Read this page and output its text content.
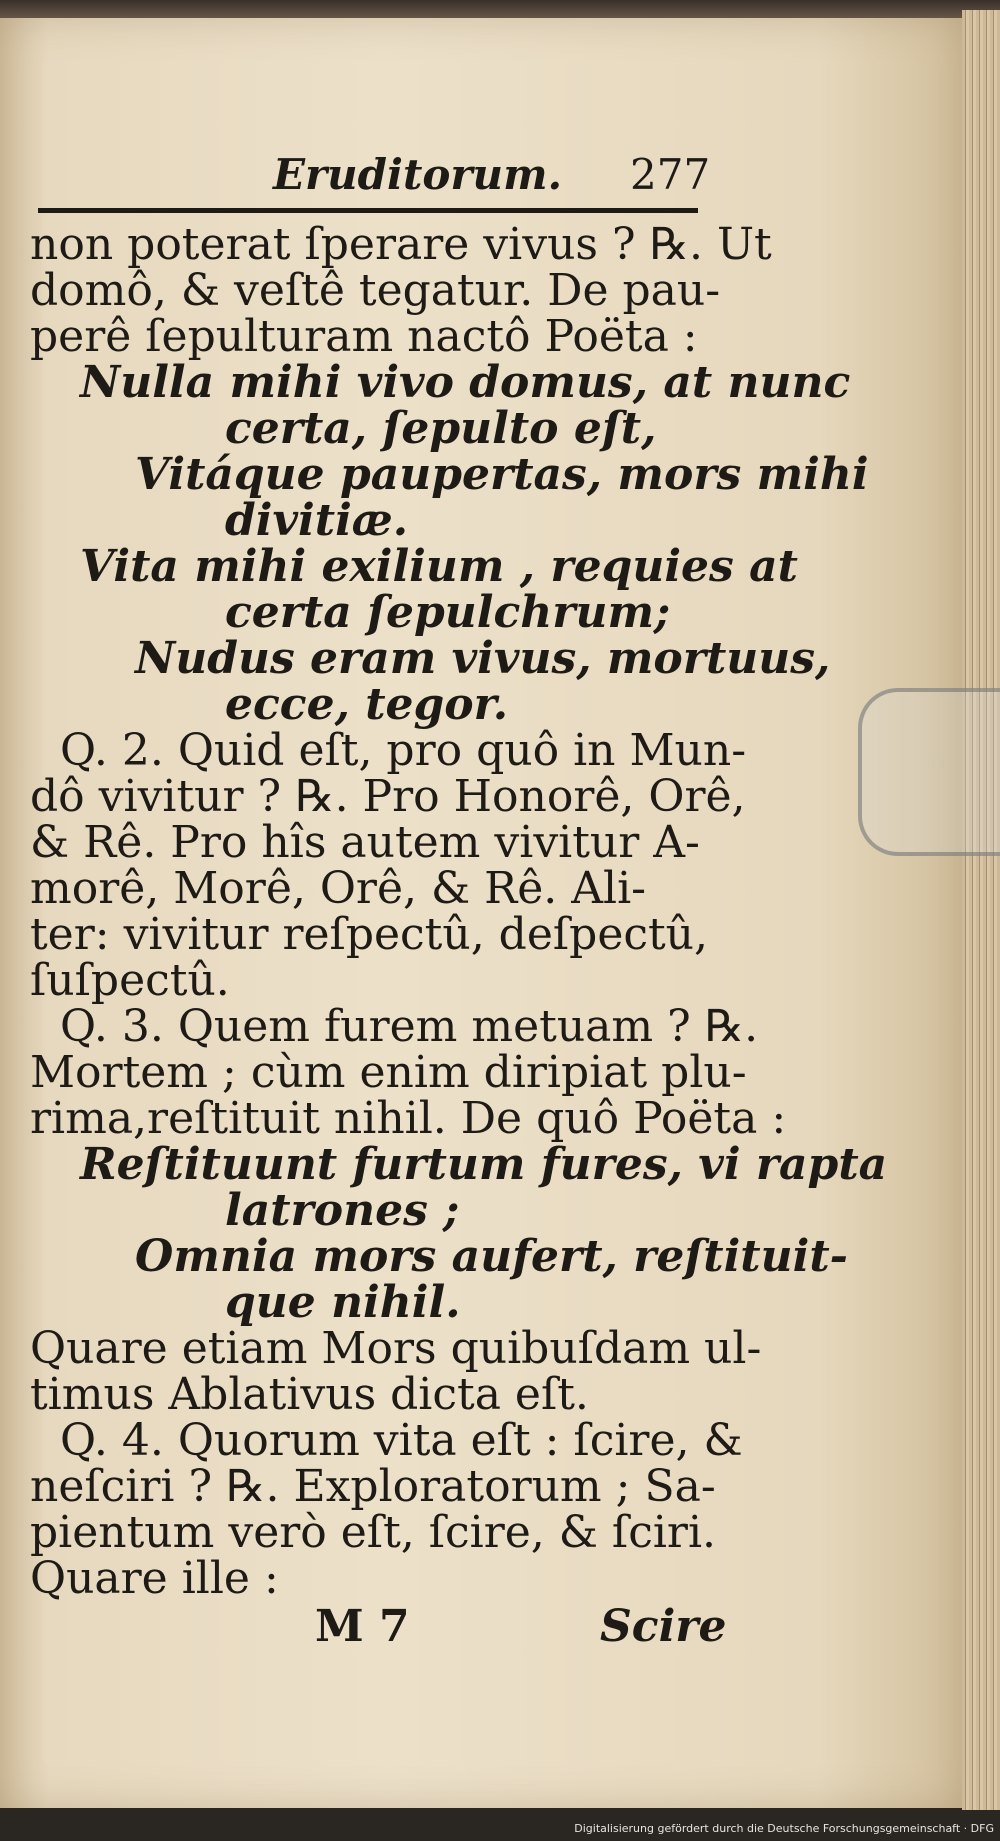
Eruditorum. 277
non poterat ſperare vivus ? ℞. Ut
domô, & veſtê tegatur. De pau-
perê ſepulturam nactô Poëta :
Nulla mihi vivo domus, at nunc
certa, ſepulto eſt,
Vitáque paupertas, mors mihi
divitiæ.
Vita mihi exilium , requies at
certa ſepulchrum;
Nudus eram vivus, mortuus,
ecce, tegor.
Q. 2. Quid eſt, pro quô in Mun-
dô vivitur ? ℞. Pro Honorê, Orê,
& Rê. Pro hîs autem vivitur A-
morê, Morê, Orê, & Rê. Ali-
ter: vivitur reſpectû, deſpectû,
ſuſpectû.
Q. 3. Quem furem metuam ? ℞.
Mortem ; cùm enim diripiat plu-
rima,reſtituit nihil. De quô Poëta :
Reſtituunt furtum fures, vi rapta
latrones ;
Omnia mors aufert, reſtituit-
que nihil.
Quare etiam Mors quibuſdam ul-
timus Ablativus dicta eſt.
Q. 4. Quorum vita eſt : ſcire, &
neſciri ? ℞. Exploratorum ; Sa-
pientum verò eſt, ſcire, & ſciri.
Quare ille :
M 7	Scire
Digitalisierung gefördert durch die Deutsche Forschungsgemeinschaft · DFG
